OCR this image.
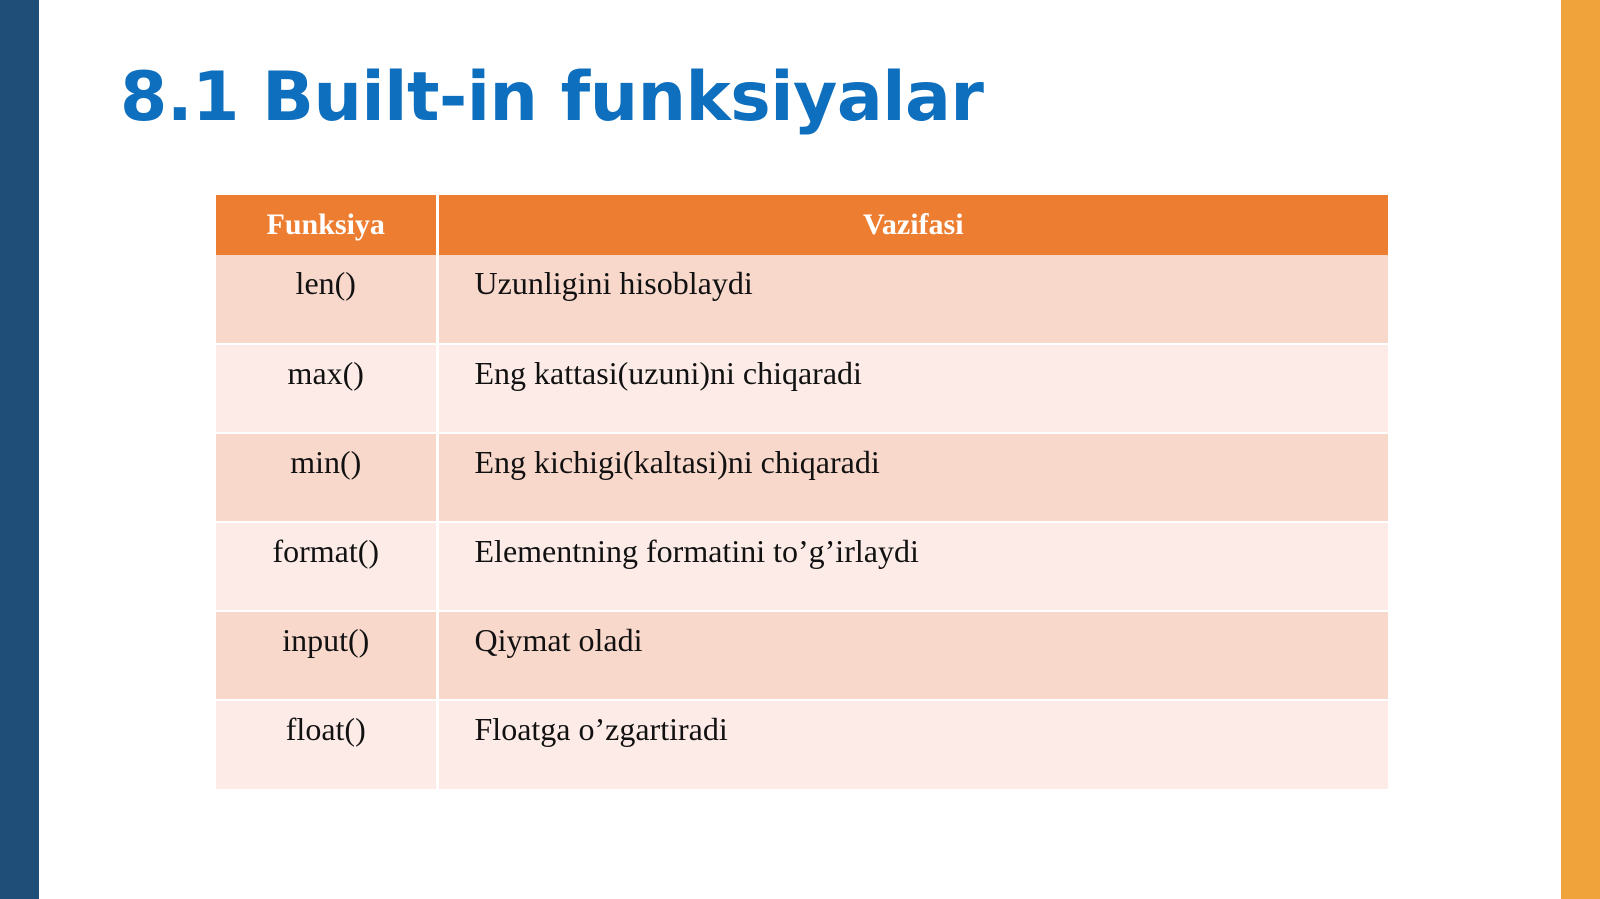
8.1 Built-in funksiyalar
Funksiya	Vazifasi
len()	Uzunligini hisoblaydi
max()	Eng kattasi(uzuni)ni chiqaradi
min()	Eng kichigi(kaltasi)ni chiqaradi
format()	Elementning formatini to’g’irlaydi
input()	Qiymat oladi
float()	Floatga o’zgartiradi
